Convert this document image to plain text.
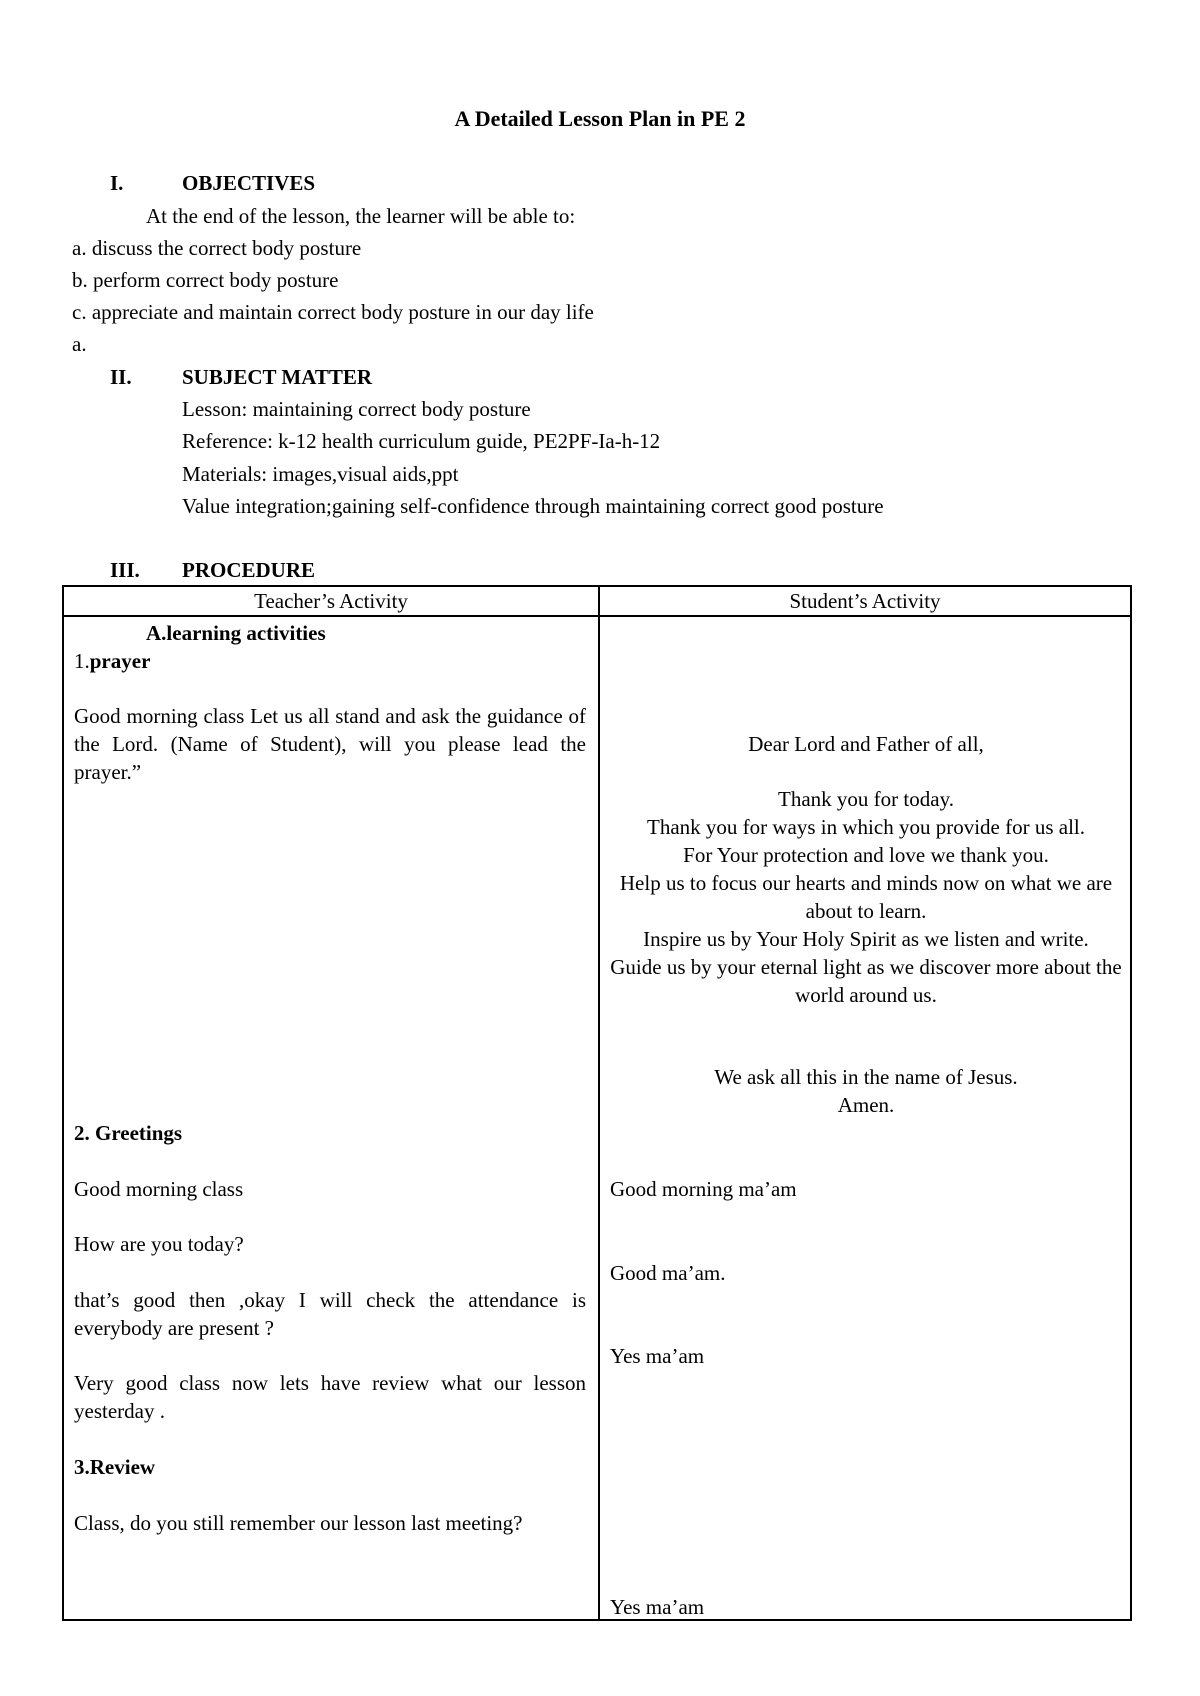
A Detailed Lesson Plan in PE 2
I.	OBJECTIVES
At the end of the lesson, the learner will be able to:
a. discuss the correct body posture
b. perform correct body posture
c. appreciate and maintain correct body posture in our day life
a.
II. SUBJECT MATTER
Lesson: maintaining correct body posture
Reference: k-12 health curriculum guide, PE2PF-Ia-h-12
Materials: images,visual aids,ppt
Value integration;gaining self-confidence through maintaining correct good posture
III. PROCEDURE
Teacher’s Activity	Student’s Activity
A.learning activities
1.prayer
Good morning class Let us all stand and ask the guidance of the Lord. (Name of Student), will you please lead the prayer.”
2. Greetings
Good morning class
How are you today?
that’s good then ,okay I will check the attendance is everybody are present ?
Very good class now lets have review what our lesson yesterday .
3.Review
Class, do you still remember our lesson last meeting?
Dear Lord and Father of all,
Thank you for today.
Thank you for ways in which you provide for us all.
For Your protection and love we thank you.
Help us to focus our hearts and minds now on what we are about to learn.
Inspire us by Your Holy Spirit as we listen and write.
Guide us by your eternal light as we discover more about the world around us.
We ask all this in the name of Jesus.
Amen.
Good morning ma’am
Good ma’am.
Yes ma’am
Yes ma’am
